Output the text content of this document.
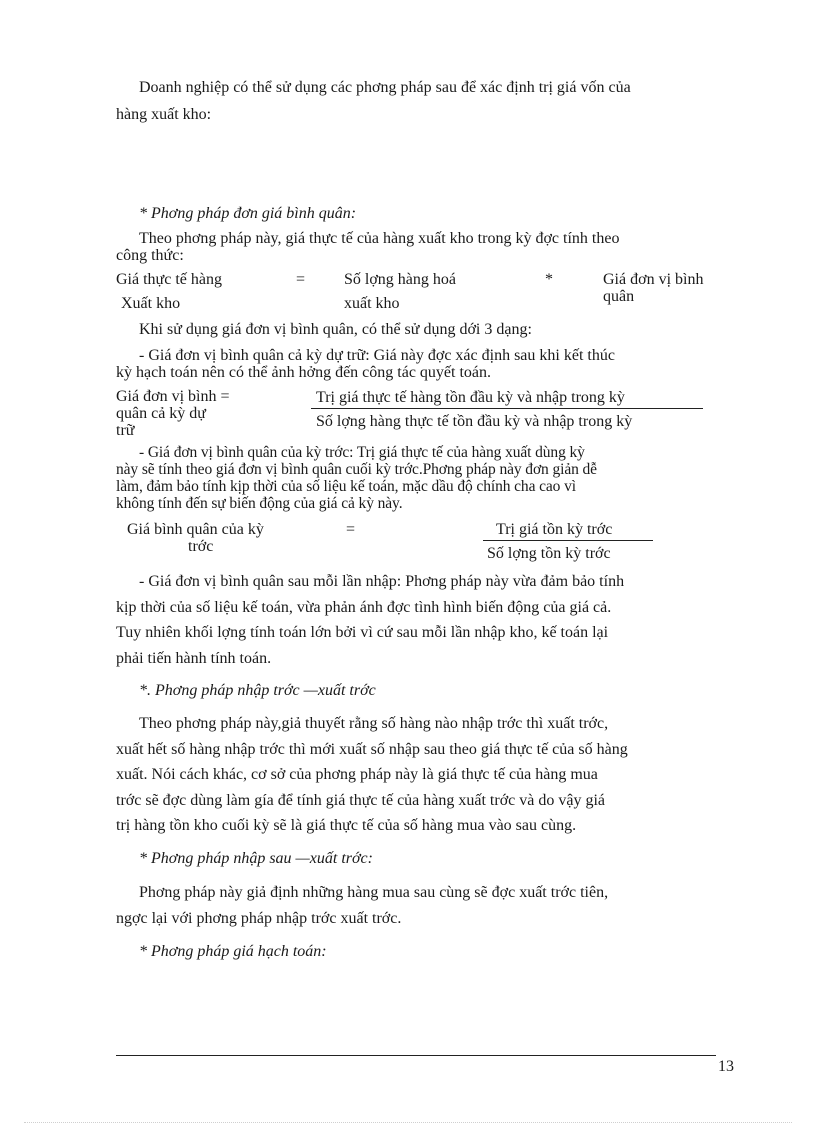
Doanh nghiệp có thể sử dụng các phơng pháp sau để xác định trị giá vốn của
hàng xuất kho:
* Phơng pháp đơn giá bình quân:
Theo phơng pháp này, giá thực tế của hàng xuất kho trong kỳ đợc tính theo
công thức:
Giá thực tế hàng
Xuất kho
= Số lợng hàng hoá
xuất kho
*	Giá đơn vị bình
quân
Khi sử dụng giá đơn vị bình quân, có thể sử dụng dới 3 dạng:
- Giá đơn vị bình quân cả kỳ dự trữ: Giá này đợc xác định sau khi kết thúc
kỳ hạch toán nên có thể ảnh hởng đến công tác quyết toán.
Giá đơn vị bình =
quân cả kỳ dự
trữ
Trị giá thực tế hàng tồn đầu kỳ và nhập trong kỳ
Số lợng hàng thực tế tồn đầu kỳ và nhập trong kỳ
- Giá đơn vị bình quân của kỳ trớc: Trị giá thực tế của hàng xuất dùng kỳ
này sẽ tính theo giá đơn vị bình quân cuối kỳ trớc.Phơng pháp này đơn giản dễ
làm, đảm bảo tính kịp thời của số liệu kế toán, mặc dầu độ chính cha cao vì
không tính đến sự biến động của giá cả kỳ này.
Giá bình quân của kỳ
trớc
=	Trị giá tồn kỳ trớc
Số lợng tồn kỳ trớc
- Giá đơn vị bình quân sau mỗi lần nhập: Phơng pháp này vừa đảm bảo tính
kịp thời của số liệu kế toán, vừa phản ánh đợc tình hình biến động của giá cả.
Tuy nhiên khối lợng tính toán lớn bởi vì cứ sau mỗi lần nhập kho, kế toán lại
phải tiến hành tính toán.
*. Phơng pháp nhập trớc —xuất trớc
Theo phơng pháp này,giả thuyết rằng số hàng nào nhập trớc thì xuất trớc,
xuất hết số hàng nhập trớc thì mới xuất số nhập sau theo giá thực tế của số hàng
xuất. Nói cách khác, cơ sở của phơng pháp này là giá thực tế của hàng mua
trớc sẽ đợc dùng làm gía để tính giá thực tế của hàng xuất trớc và do vậy giá
trị hàng tồn kho cuối kỳ sẽ là giá thực tế của số hàng mua vào sau cùng.
* Phơng pháp nhập sau —xuất trớc:
Phơng pháp này giả định những hàng mua sau cùng sẽ đợc xuất trớc tiên,
ngợc lại với phơng pháp nhập trớc xuất trớc.
* Phơng pháp giá hạch toán:
13
